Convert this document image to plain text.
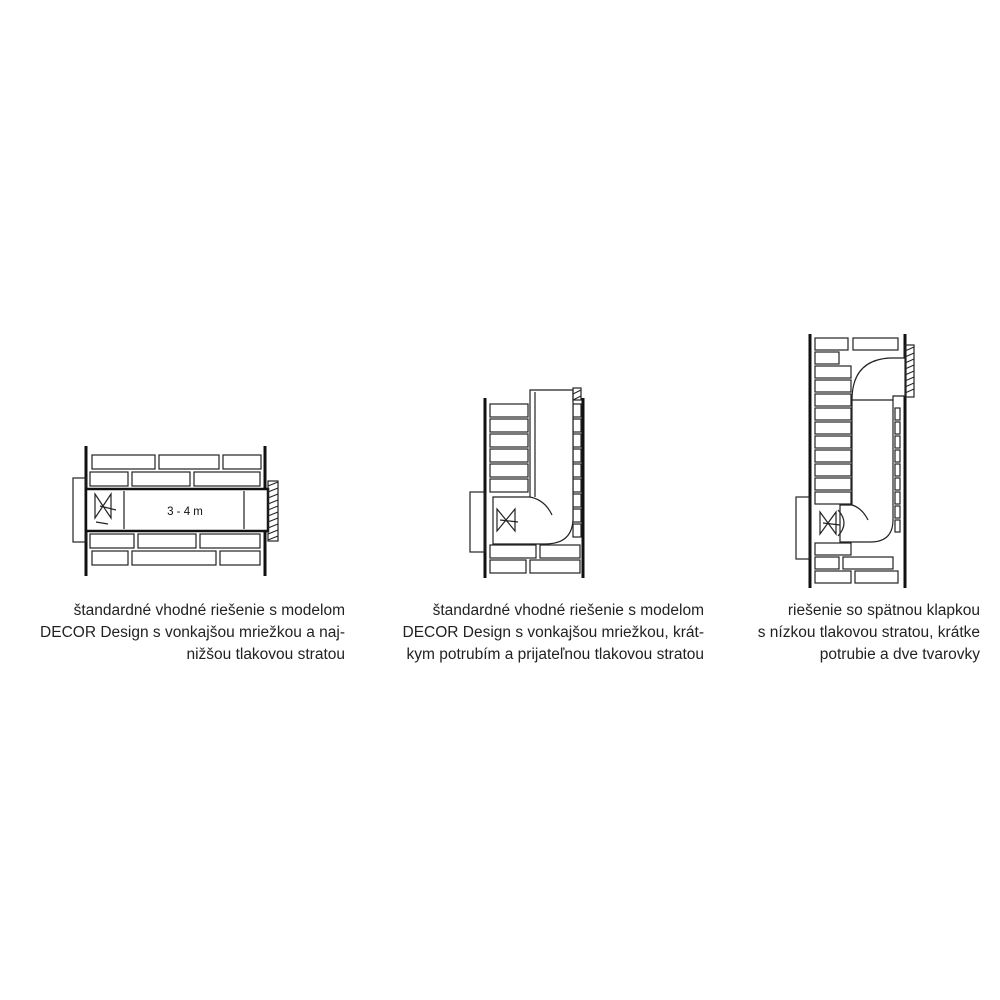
3 - 4 m
štandardné vhodné riešenie s modelom
DECOR Design s vonkajšou mriežkou a naj-
nižšou tlakovou stratou
štandardné vhodné riešenie s modelom
DECOR Design s vonkajšou mriežkou, krát-
kym potrubím a prijateľnou tlakovou stratou
riešenie so spätnou klapkou
s nízkou tlakovou stratou, krátke
potrubie a dve tvarovky
